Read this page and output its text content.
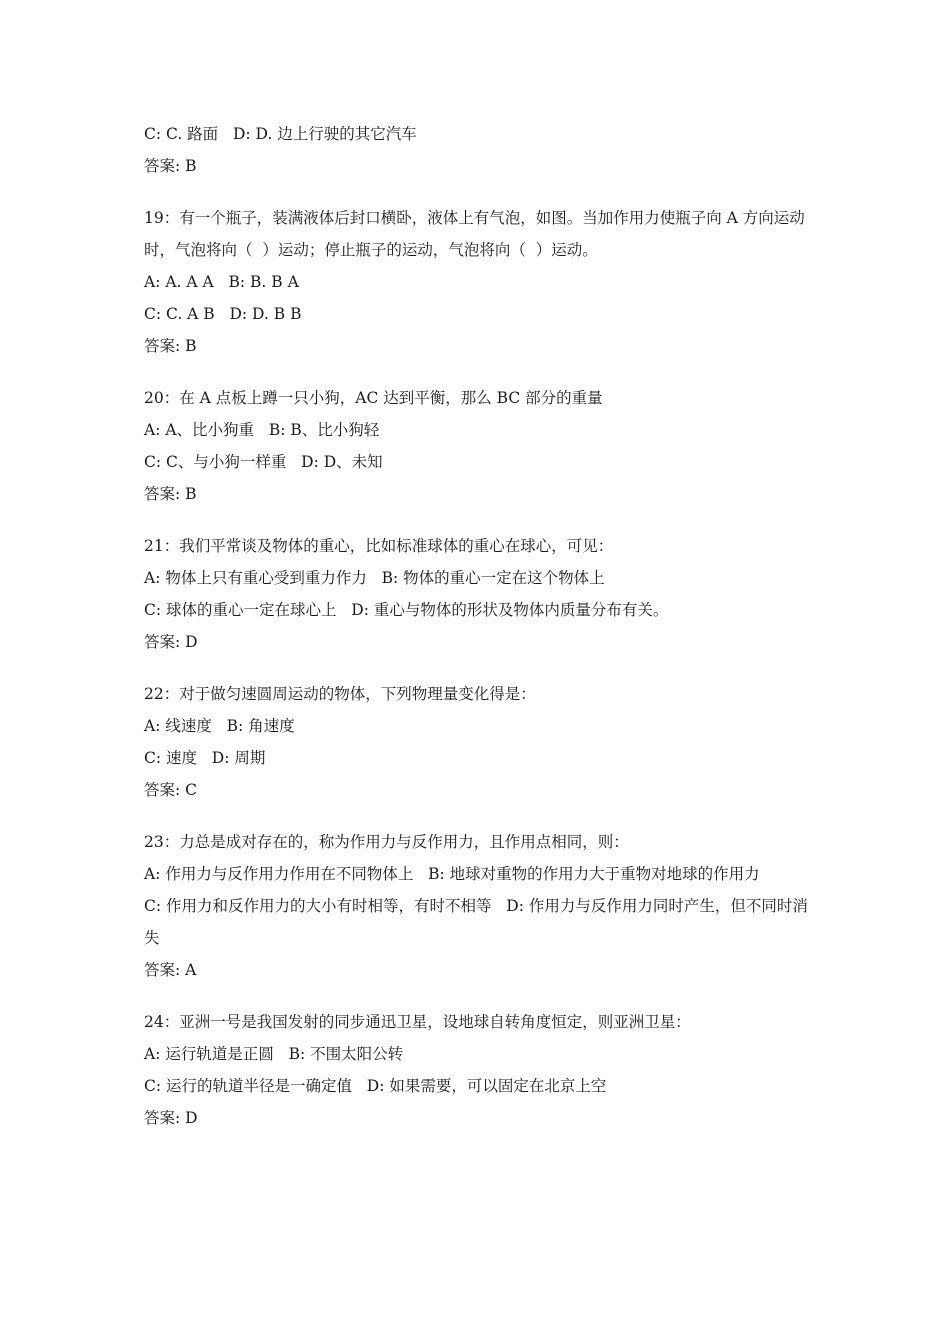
C: C. 路面   D: D. 边上行驶的其它汽车

答案: B

19：有一个瓶子，装满液体后封口横卧，液体上有气泡，如图。当加作用力使瓶子向 A 方向运动时，气泡将向（  ）运动；停止瓶子的运动，气泡将向（  ）运动。

A: A. A A   B: B. B A

C: C. A B   D: D. B B

答案: B

20：在 A 点板上蹲一只小狗，AC 达到平衡，那么 BC 部分的重量

A: A、比小狗重   B: B、比小狗轻

C: C、与小狗一样重   D: D、未知

答案: B

21：我们平常谈及物体的重心，比如标准球体的重心在球心，可见：

A: 物体上只有重心受到重力作力   B: 物体的重心一定在这个物体上

C: 球体的重心一定在球心上   D: 重心与物体的形状及物体内质量分布有关。

答案: D

22：对于做匀速圆周运动的物体，下列物理量变化得是：

A: 线速度   B: 角速度

C: 速度   D: 周期

答案: C

23：力总是成对存在的，称为作用力与反作用力，且作用点相同，则：

A: 作用力与反作用力作用在不同物体上   B: 地球对重物的作用力大于重物对地球的作用力

C: 作用力和反作用力的大小有时相等，有时不相等   D: 作用力与反作用力同时产生，但不同时消失

答案: A

24：亚洲一号是我国发射的同步通迅卫星，设地球自转角度恒定，则亚洲卫星：

A: 运行轨道是正圆   B: 不围太阳公转

C: 运行的轨道半径是一确定值   D: 如果需要，可以固定在北京上空

答案: D
